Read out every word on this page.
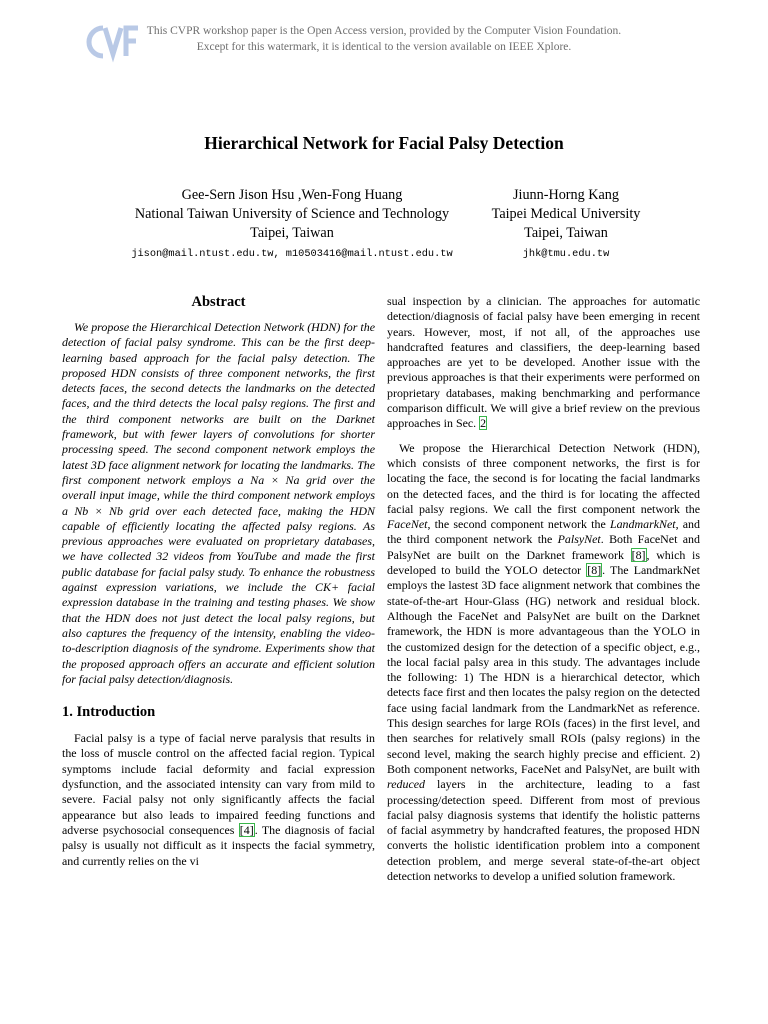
This CVPR workshop paper is the Open Access version, provided by the Computer Vision Foundation.
Except for this watermark, it is identical to the version available on IEEE Xplore.
Hierarchical Network for Facial Palsy Detection
Gee-Sern Jison Hsu ,Wen-Fong Huang
National Taiwan University of Science and Technology
Taipei, Taiwan
jison@mail.ntust.edu.tw, m10503416@mail.ntust.edu.tw
Jiunn-Horng Kang
Taipei Medical University
Taipei, Taiwan
jhk@tmu.edu.tw
Abstract

We propose the Hierarchical Detection Network (HDN) for the detection of facial palsy syndrome. This can be the first deep-learning based approach for the facial palsy detection. The proposed HDN consists of three component networks, the first detects faces, the second detects the landmarks on the detected faces, and the third detects the local palsy regions. The first and the third component networks are built on the Darknet framework, but with fewer layers of convolutions for shorter processing speed. The second component network employs the latest 3D face alignment network for locating the landmarks. The first component network employs a Na × Na grid over the overall input image, while the third component network employs a Nb × Nb grid over each detected face, making the HDN capable of efficiently locating the affected palsy regions. As previous approaches were evaluated on proprietary databases, we have collected 32 videos from YouTube and made the first public database for facial palsy study. To enhance the robustness against expression variations, we include the CK+ facial expression database in the training and testing phases. We show that the HDN does not just detect the local palsy regions, but also captures the frequency of the intensity, enabling the video-to-description diagnosis of the syndrome. Experiments show that the proposed approach offers an accurate and efficient solution for facial palsy detection/diagnosis.

1. Introduction

Facial palsy is a type of facial nerve paralysis that results in the loss of muscle control on the affected facial region. Typical symptoms include facial deformity and facial expression dysfunction, and the associated intensity can vary from mild to severe. Facial palsy not only significantly affects the facial appearance but also leads to impaired feeding functions and adverse psychosocial consequences [4]. The diagnosis of facial palsy is usually not difficult as it inspects the facial symmetry, and currently relies on the vi

sual inspection by a clinician. The approaches for automatic detection/diagnosis of facial palsy have been emerging in recent years. However, most, if not all, of the approaches use handcrafted features and classifiers, the deep-learning based approaches are yet to be developed. Another issue with the previous approaches is that their experiments were performed on proprietary databases, making benchmarking and performance comparison difficult. We will give a brief review on the previous approaches in Sec. 2

We propose the Hierarchical Detection Network (HDN), which consists of three component networks, the first is for locating the face, the second is for locating the facial landmarks on the detected faces, and the third is for locating the affected facial palsy regions. We call the first component network the FaceNet, the second component network the LandmarkNet, and the third component network the PalsyNet. Both FaceNet and PalsyNet are built on the Darknet framework [8], which is developed to build the YOLO detector [8]. The LandmarkNet employs the lastest 3D face alignment network that combines the state-of-the-art Hour-Glass (HG) network and residual block. Although the FaceNet and PalsyNet are built on the Darknet framework, the HDN is more advantageous than the YOLO in the customized design for the detection of a specific object, e.g., the local facial palsy area in this study. The advantages include the following: 1) The HDN is a hierarchical detector, which detects face first and then locates the palsy region on the detected face using facial landmark from the LandmarkNet as reference. This design searches for large ROIs (faces) in the first level, and then searches for relatively small ROIs (palsy regions) in the second level, making the search highly precise and efficient. 2) Both component networks, FaceNet and PalsyNet, are built with reduced layers in the architecture, leading to a fast processing/detection speed. Different from most of previous facial palsy diagnosis systems that identify the holistic patterns of facial asymmetry by handcrafted features, the proposed HDN converts the holistic identification problem into a component detection problem, and merge several state-of-the-art object detection networks to develop a unified solution framework.
